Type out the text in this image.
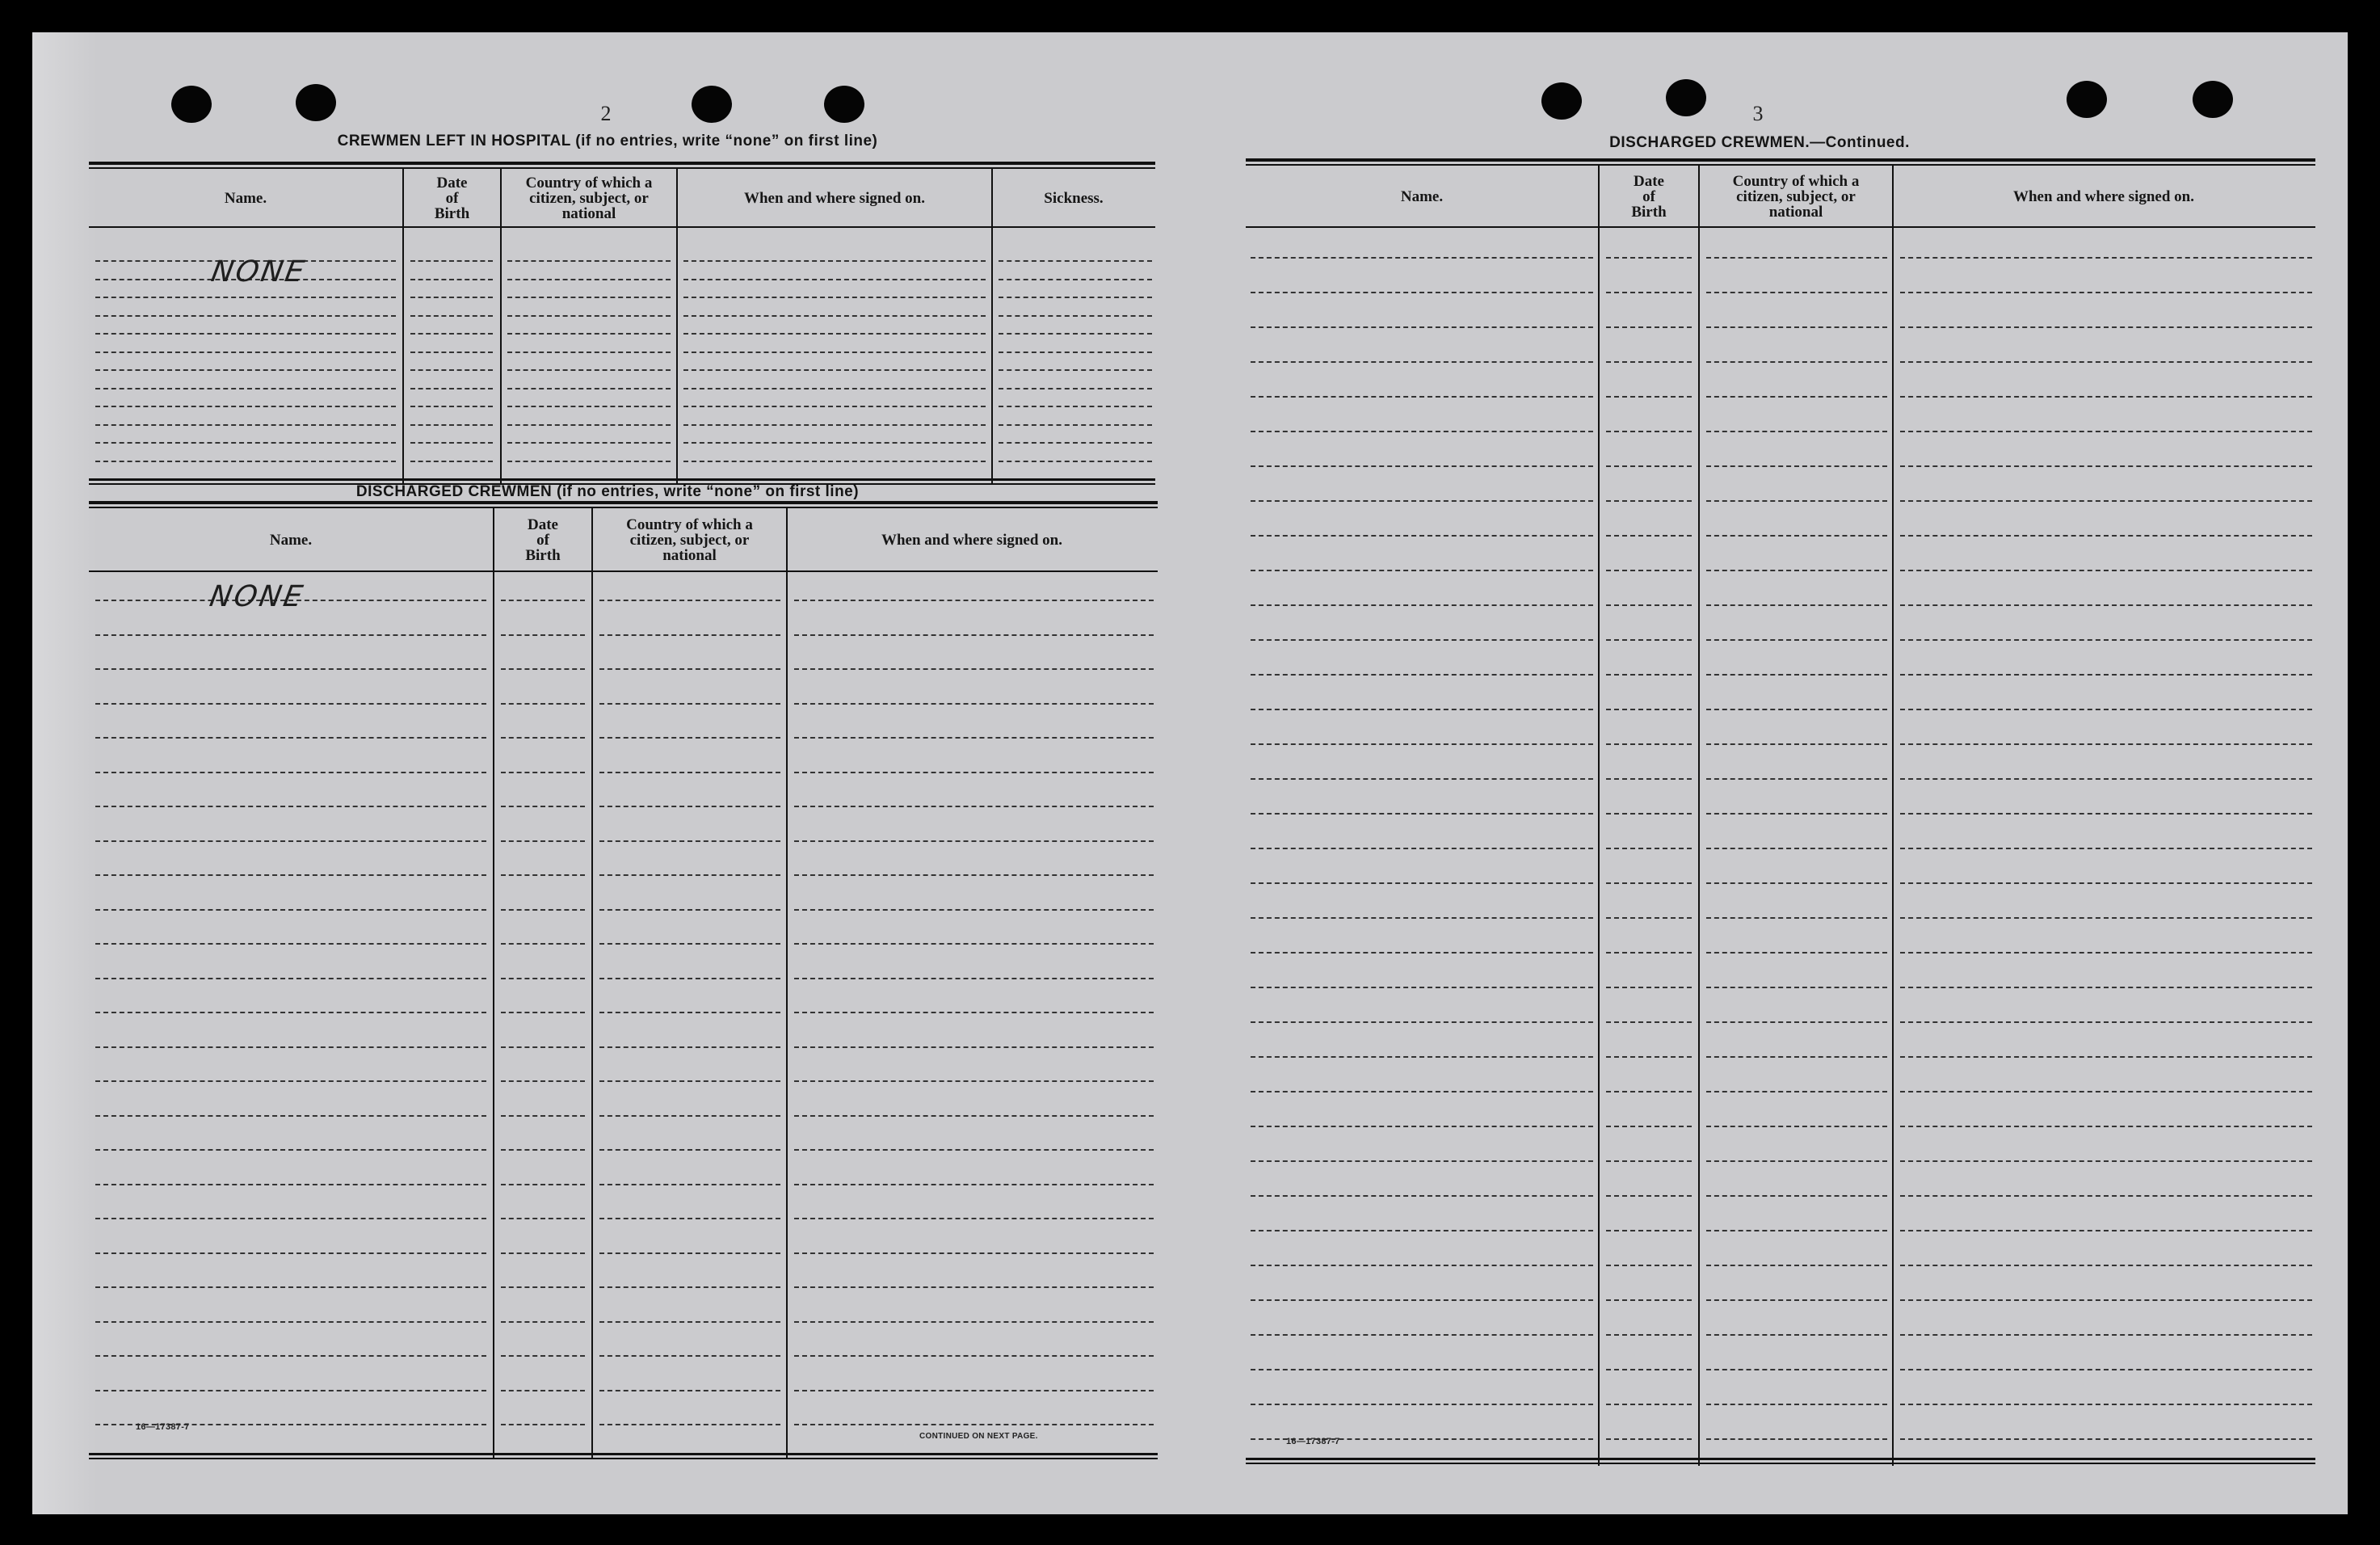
2
CREWMEN LEFT IN HOSPITAL (if no entries, write “none” on first line)
Name.
Date
of
Birth
Country of which a
citizen, subject, or
national
When and where signed on.	Sickness.
NONE
DISCHARGED CREWMEN (if no entries, write “none” on first line)
Name.
Date
of
Birth
Country of which a
citizen, subject, or
national
When and where signed on.
NONE
16—17387-7
CONTINUED ON NEXT PAGE.
3
DISCHARGED CREWMEN.—Continued.
Name.
Date
of
Birth
Country of which a
citizen, subject, or
national
When and where signed on.
16—17387-7
